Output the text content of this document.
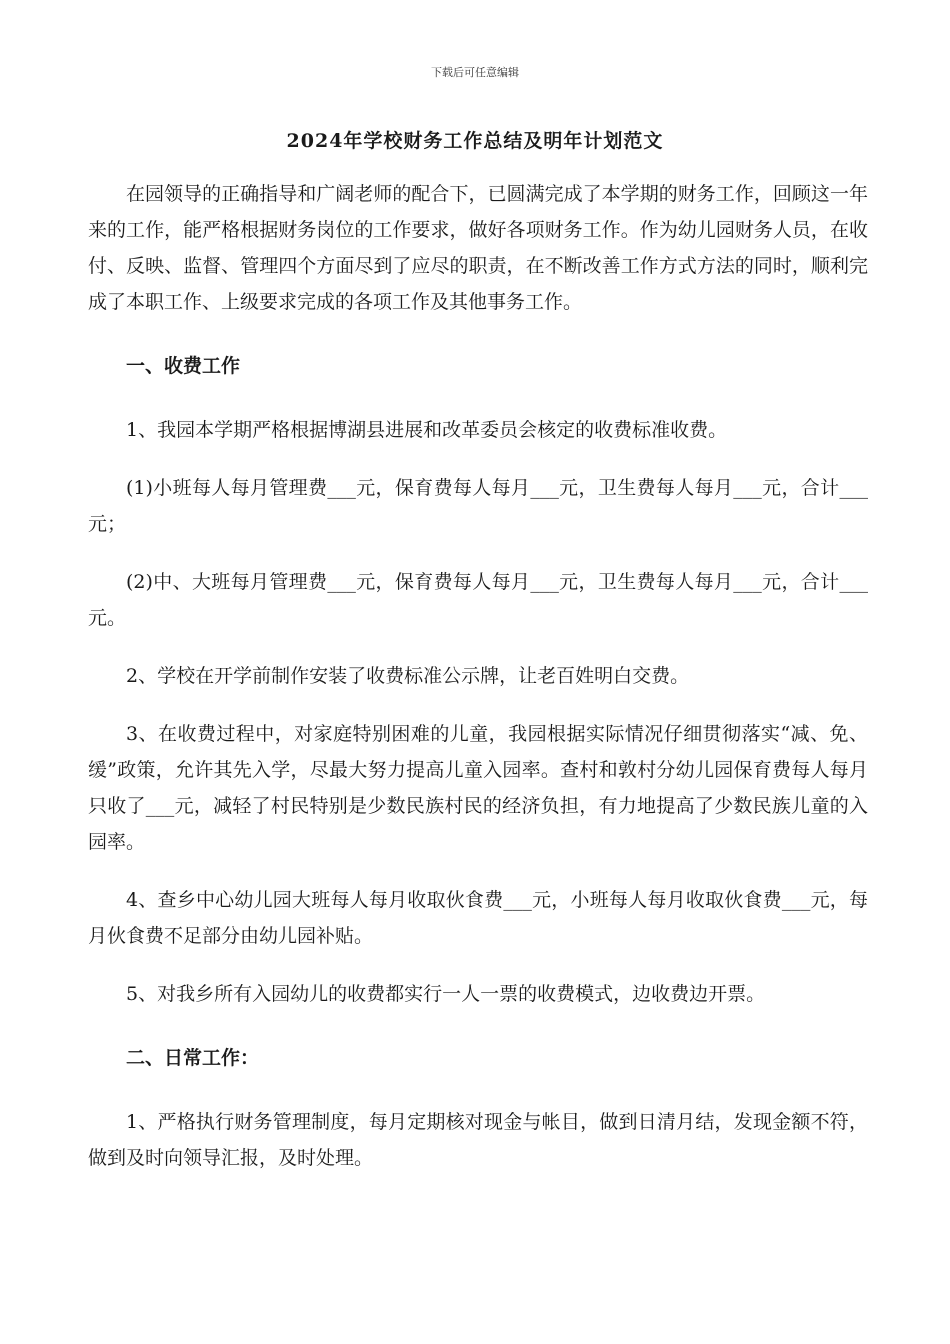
下载后可任意编辑
2024年学校财务工作总结及明年计划范文

在园领导的正确指导和广阔老师的配合下，已圆满完成了本学期的财务工作，回顾这一年来的工作，能严格根据财务岗位的工作要求，做好各项财务工作。作为幼儿园财务人员，在收付、反映、监督、管理四个方面尽到了应尽的职责，在不断改善工作方式方法的同时，顺利完成了本职工作、上级要求完成的各项工作及其他事务工作。

一、收费工作

1、我园本学期严格根据博湖县进展和改革委员会核定的收费标准收费。

(1)小班每人每月管理费___元，保育费每人每月___元，卫生费每人每月___元，合计___元；

(2)中、大班每月管理费___元，保育费每人每月___元，卫生费每人每月___元，合计___元。

2、学校在开学前制作安装了收费标准公示牌，让老百姓明白交费。

3、在收费过程中，对家庭特别困难的儿童，我园根据实际情况仔细贯彻落实“减、免、缓”政策，允许其先入学，尽最大努力提高儿童入园率。查村和敦村分幼儿园保育费每人每月只收了___元，减轻了村民特别是少数民族村民的经济负担，有力地提高了少数民族儿童的入园率。

4、查乡中心幼儿园大班每人每月收取伙食费___元，小班每人每月收取伙食费___元，每月伙食费不足部分由幼儿园补贴。

5、对我乡所有入园幼儿的收费都实行一人一票的收费模式，边收费边开票。

二、日常工作：

1、严格执行财务管理制度，每月定期核对现金与帐目，做到日清月结，发现金额不符，做到及时向领导汇报，及时处理。
